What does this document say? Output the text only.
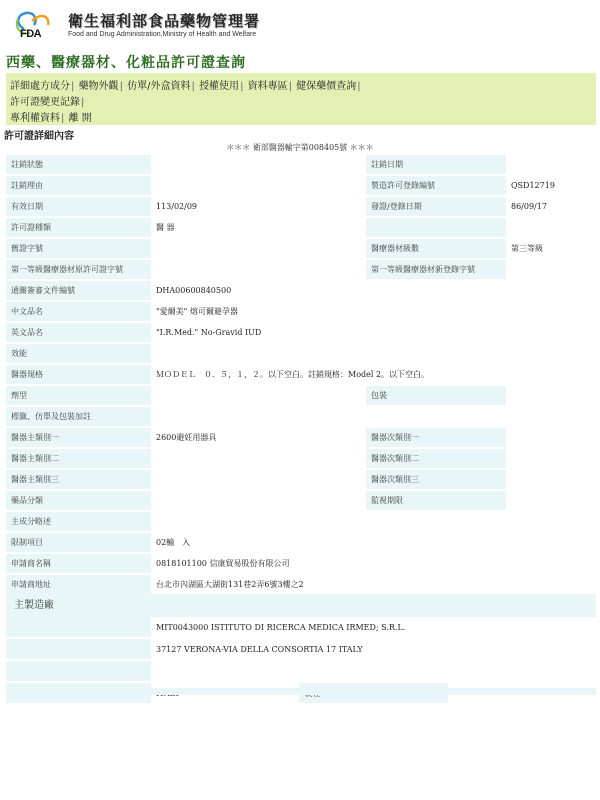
FDA
衛生福利部食品藥物管理署
Food and Drug Administration,Ministry of Health and Welfare
西藥、醫療器材、化粧品許可證查詢
詳細處方成分| 藥物外觀| 仿單/外盒資料| 授權使用| 資料專區| 健保藥價查詢|
許可證變更記錄|
專利權資料| 離 開
許可證詳細內容
＊＊＊ 衛部醫器輸字第008405號 ＊＊＊
註銷狀態		註銷日期	
註銷理由		製造許可登錄編號	QSD12719
有效日期	113/02/09	發證/登錄日期	86/09/17
許可證種類	醫 器		
舊證字號		醫療器材級數	第三等級
第一等級醫療器材原許可證字號		第一等級醫療器材新登錄字號	
通關簽審文件編號	DHA00600840500		
中文品名	"愛爾美" 熔可爾避孕器		
英文品名	"I.R.Med." No-Gravid IUD		
效能			
醫器規格	ＭＯＤＥＬ　０．５，１，２。以下空白。註銷規格：Model 2。以下空白。		
劑型		包裝	
標籤、仿單及包裝加註			
醫器主類別一	2600避妊用器具	醫器次類別一	
醫器主類別二		醫器次類別二	
醫器主類別三		醫器次類別三	
藥品分類		監視期限	
主成分略述			
限制項目	02輸　入		
申請商名稱	0818101100 信康貿易股份有限公司		
申請商地址	台北市內湖區大湖街131巷2弄6號3樓之2		
主製造廠
	MIT0043000 ISTITUTO DI RICERCA MEDICA IRMED; S.R.L.		
	37127 VERONA-VIA DELLA CONSORTIA 17 ITALY		
